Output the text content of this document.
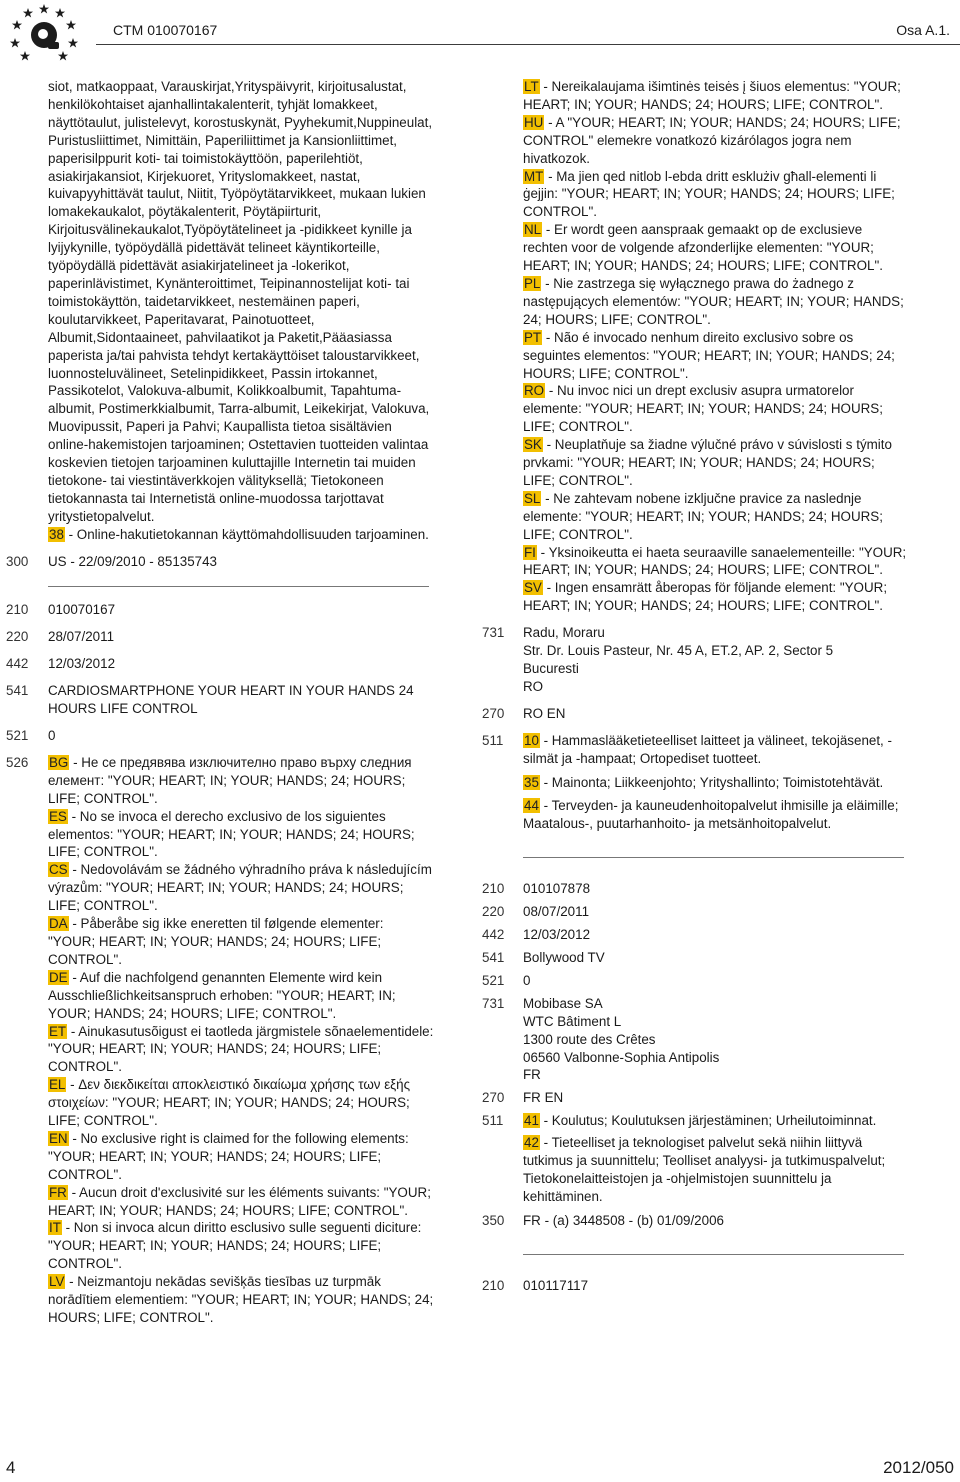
CTM 010070167	Osa A.1.

siot, matkaoppaat, Varauskirjat,Yrityspäivyrit, kirjoitusalustat, henkilökohtaiset ajanhallintakalenterit, tyhjät lomakkeet, näyttötaulut, julistelevyt, korostuskynät, Pyyhekumit,Nuppineulat, Puristusliittimet, Nimittäin, Paperiliittimet ja Kansionliittimet, paperisilppurit koti- tai toimistokäyttöön, paperilehtiöt, asiakirjakansiot, Kirjekuoret, Yrityslomakkeet, nastat, kuivapyyhittävät taulut, Niitit, Työpöytätarvikkeet, mukaan lukien lomakekaukalot, pöytäkalenterit, Pöytäpiirturit, Kirjoitusvälinekaukalot,Työpöytätelineet ja -pidikkeet kynille ja lyijykynille, työpöydällä pidettävät telineet käyntikorteille, työpöydällä pidettävät asiakirjatelineet ja -lokerikot, paperinlävistimet, Kynänteroittimet, Teipinannostelijat koti- tai toimistokäyttön, taidetarvikkeet, nestemäinen paperi, koulutarvikkeet, Paperitavarat, Painotuotteet, Albumit,Sidontaaineet, pahvilaatikot ja Paketit,Pääasiassa paperista ja/tai pahvista tehdyt kertakäyttöiset taloustarvikkeet, luonnosteluvälineet, Setelinpidikkeet, Passin irtokannet, Passikotelot, Valokuva-albumit, Kolikkoalbumit, Tapahtuma-albumit, Postimerkkialbumit, Tarra-albumit, Leikekirjat, Valokuva, Muovipussit, Paperi ja Pahvi; Kaupallista tietoa sisältävien online-hakemistojen tarjoaminen; Ostettavien tuotteiden valintaa koskevien tietojen tarjoaminen kuluttajille Internetin tai muiden tietokone- tai viestintäverkkojen välityksellä; Tietokoneen tietokannasta tai Internetistä online-muodossa tarjottavat yritystietopalvelut.

38 - Online-hakutietokannan käyttömahdollisuuden tarjoaminen.

300	US - 22/09/2010 - 85135743
210	010070167
220	28/07/2011
442	12/03/2012
541	CARDIOSMARTPHONE YOUR HEART IN YOUR HANDS 24 HOURS LIFE CONTROL
521	0
526	BG - Не се предявява изключително право върху следния елемент: "YOUR; HEART; IN; YOUR; HANDS; 24; HOURS; LIFE; CONTROL".

ES - No se invoca el derecho exclusivo de los siguientes elementos: "YOUR; HEART; IN; YOUR; HANDS; 24; HOURS; LIFE; CONTROL".

CS - Nedovolávám se žádného výhradního práva k následujícím výrazům: "YOUR; HEART; IN; YOUR; HANDS; 24; HOURS; LIFE; CONTROL".

DA - Påberåbe sig ikke eneretten til følgende elementer: "YOUR; HEART; IN; YOUR; HANDS; 24; HOURS; LIFE; CONTROL".

DE - Auf die nachfolgend genannten Elemente wird kein Ausschließlichkeitsanspruch erhoben: "YOUR; HEART; IN; YOUR; HANDS; 24; HOURS; LIFE; CONTROL".

ET - Ainukasutusõigust ei taotleda järgmistele sõnaelementidele: "YOUR; HEART; IN; YOUR; HANDS; 24; HOURS; LIFE; CONTROL".

EL - Δεν διεκδικείται αποκλειστικό δικαίωμα χρήσης των εξής στοιχείων: "YOUR; HEART; IN; YOUR; HANDS; 24; HOURS; LIFE; CONTROL".

EN - No exclusive right is claimed for the following elements: "YOUR; HEART; IN; YOUR; HANDS; 24; HOURS; LIFE; CONTROL".

FR - Aucun droit d'exclusivité sur les éléments suivants: "YOUR; HEART; IN; YOUR; HANDS; 24; HOURS; LIFE; CONTROL".

IT - Non si invoca alcun diritto esclusivo sulle seguenti diciture: "YOUR; HEART; IN; YOUR; HANDS; 24; HOURS; LIFE; CONTROL".

LV - Neizmantoju nekādas sevišķās tiesības uz turpmāk norādītiem elementiem: "YOUR; HEART; IN; YOUR; HANDS; 24; HOURS; LIFE; CONTROL".

LT - Nereikalaujama išimtinės teisės į šiuos elementus: "YOUR; HEART; IN; YOUR; HANDS; 24; HOURS; LIFE; CONTROL".

HU - A "YOUR; HEART; IN; YOUR; HANDS; 24; HOURS; LIFE; CONTROL" elemekre vonatkozó kizárólagos jogra nem hivatkozok.

MT - Ma jien qed nitlob l-ebda dritt esklużiv għall-elementi li ġejjin: "YOUR; HEART; IN; YOUR; HANDS; 24; HOURS; LIFE; CONTROL".

NL - Er wordt geen aanspraak gemaakt op de exclusieve rechten voor de volgende afzonderlijke elementen: "YOUR; HEART; IN; YOUR; HANDS; 24; HOURS; LIFE; CONTROL".

PL - Nie zastrzega się wyłącznego prawa do żadnego z następujących elementów: "YOUR; HEART; IN; YOUR; HANDS; 24; HOURS; LIFE; CONTROL".

PT - Não é invocado nenhum direito exclusivo sobre os seguintes elementos: "YOUR; HEART; IN; YOUR; HANDS; 24; HOURS; LIFE; CONTROL".

RO - Nu invoc nici un drept exclusiv asupra urmatorelor elemente: "YOUR; HEART; IN; YOUR; HANDS; 24; HOURS; LIFE; CONTROL".

SK - Neuplatňuje sa žiadne výlučné právo v súvislosti s týmito prvkami: "YOUR; HEART; IN; YOUR; HANDS; 24; HOURS; LIFE; CONTROL".

SL - Ne zahtevam nobene izključne pravice za naslednje elemente: "YOUR; HEART; IN; YOUR; HANDS; 24; HOURS; LIFE; CONTROL".

FI - Yksinoikeutta ei haeta seuraaville sanaelementeille: "YOUR; HEART; IN; YOUR; HANDS; 24; HOURS; LIFE; CONTROL".

SV - Ingen ensamrätt åberopas för följande element: "YOUR; HEART; IN; YOUR; HANDS; 24; HOURS; LIFE; CONTROL".

731	Radu, Moraru

Str. Dr. Louis Pasteur, Nr. 45 A, ET.2, AP. 2, Sector 5

Bucuresti

RO

270	RO EN
511	10 - Hammaslääketieteelliset laitteet ja välineet, tekojäsenet, -silmät ja -hampaat; Ortopediset tuotteet.

35 - Mainonta; Liikkeenjohto; Yrityshallinto; Toimistotehtävät.

44 - Terveyden- ja kauneudenhoitopalvelut ihmisille ja eläimille; Maatalous-, puutarhanhoito- ja metsänhoitopalvelut.

210	010107878
220	08/07/2011
442	12/03/2012
541	Bollywood TV
521	0
731	Mobibase SA

WTC Bâtiment L

1300 route des Crêtes

06560 Valbonne-Sophia Antipolis

FR

270	FR EN
511	41 - Koulutus; Koulutuksen järjestäminen; Urheilutoiminnat.

42 - Tieteelliset ja teknologiset palvelut sekä niihin liittyvä tutkimus ja suunnittelu; Teolliset analyysi- ja tutkimuspalvelut; Tietokonelaitteistojen ja -ohjelmistojen suunnittelu ja kehittäminen.

350	FR - (a) 3448508 - (b) 01/09/2006
210	010117117
4	2012/050
